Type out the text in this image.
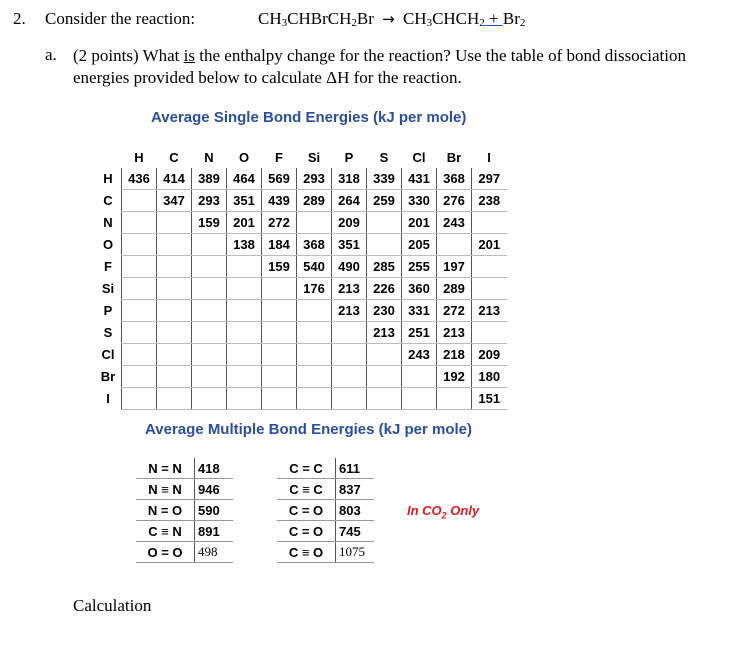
2. Consider the reaction:	$CH_3CHBrCH_2Br$ → $CH_3CHCH_2 + Br_2$
a. (2 points) What is the enthalpy change for the reaction? Use the table of bond dissociation energies provided below to calculate ΔH for the reaction.
Average Single Bond Energies (kJ per mole)
	H	C	N	O	F	Si	P	S	Cl	Br	I
H	436	414	389	464	569	293	318	339	431	368	297
C		347	293	351	439	289	264	259	330	276	238
N			159	201	272		209		201	243	
O				138	184	368	351		205		201
F					159	540	490	285	255	197	
Si						176	213	226	360	289	
P							213	230	331	272	213
S								213	251	213	
Cl									243	218	209
Br										192	180
I											151
Average Multiple Bond Energies (kJ per mole)
N = N	418
N ≡ N	946
N = O	590
C ≡ N	891
O = O	498
C = C	611
C ≡ C	837
C = O	803
C = O	745
C ≡ O	1075
In $CO_2$ Only
Calculation
